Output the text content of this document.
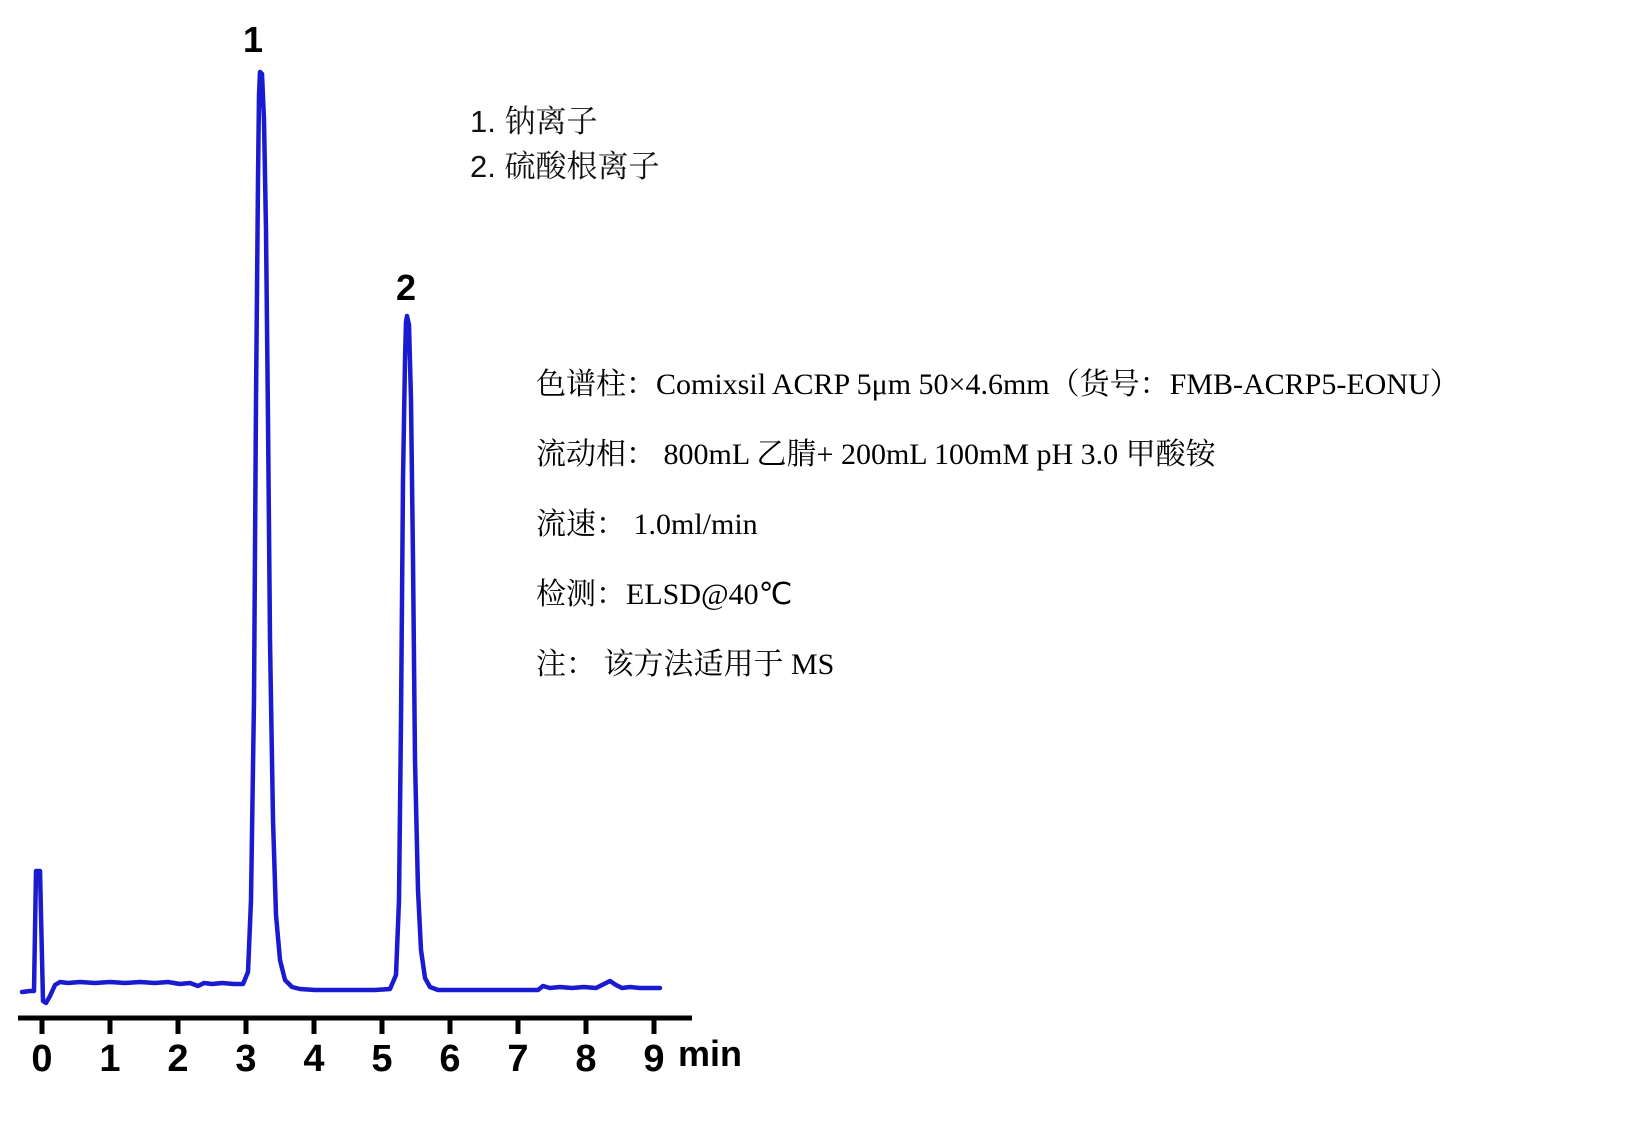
1
2
0 1 2 3 4 5 6 7 8 9 min
1. 钠离子
2. 硫酸根离子
色谱柱：Comixsil ACRP 5μm 50×4.6mm（货号：FMB-ACRP5-EONU）
流动相： 800mL 乙腈+ 200mL 100mM pH 3.0 甲酸铵
流速： 1.0ml/min
检测：ELSD@40℃
注： 该方法适用于 MS
